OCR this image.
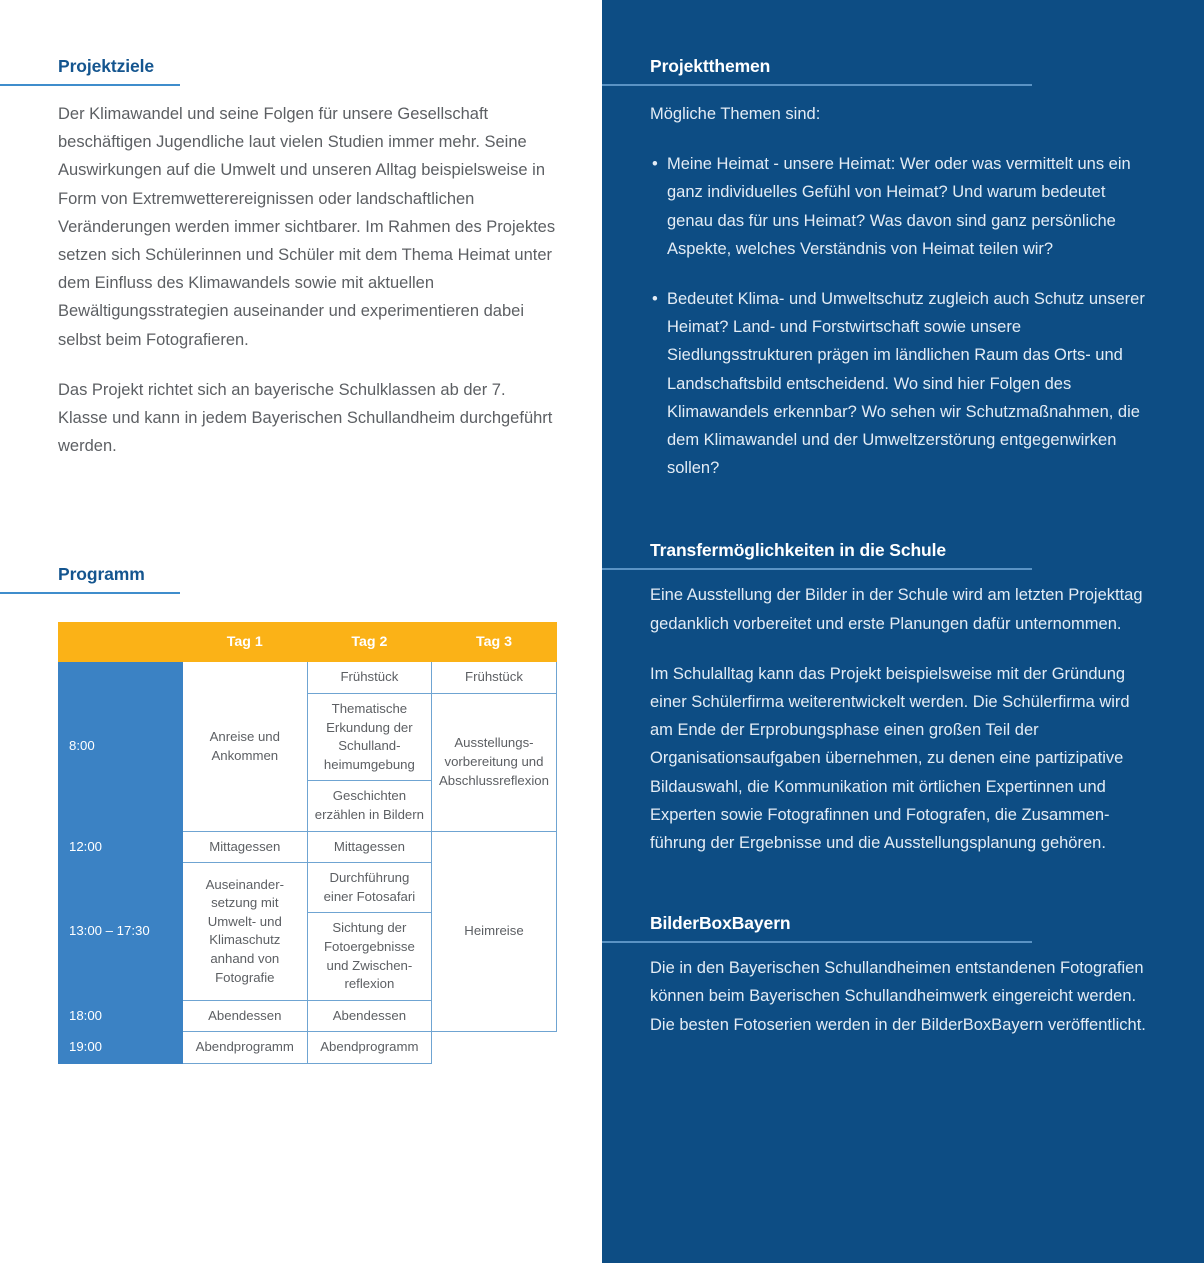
Projektziele

Der Klimawandel und seine Folgen für unsere Gesellschaft beschäftigen Jugendliche laut vielen Studien immer mehr. Seine Auswirkungen auf die Umwelt und unseren Alltag beispielsweise in Form von Extremwetterereignissen oder landschaftlichen Veränderungen werden immer sichtbarer. Im Rahmen des Projektes setzen sich Schülerinnen und Schüler mit dem Thema Heimat unter dem Einfluss des Klimawandels sowie mit aktuellen Bewältigungsstrategien auseinander und experimentieren dabei selbst beim Fotografieren.

Das Projekt richtet sich an bayerische Schulklassen ab der 7. Klasse und kann in jedem Bayerischen Schullandheim durchgeführt werden.

Programm
	Tag 1	Tag 2	Tag 3
8:00	Anreise und Ankommen	Frühstück	Frühstück
		Thematische Erkundung der Schullandheimumgebung	Ausstellungsvorbereitung und Abschlussreflexion
		Geschichten erzählen in Bildern	
12:00	Mittagessen	Mittagessen	Heimreise
13:00 – 17:30	Auseinandersetzung mit Umwelt- und Klimaschutz anhand von Fotografie	Durchführung einer Fotosafari	
		Sichtung der Fotoergebnisse und Zwischenreflexion	
18:00	Abendessen	Abendessen	
19:00	Abendprogramm	Abendprogramm	
Projektthemen

Mögliche Themen sind:

• Meine Heimat - unsere Heimat: Wer oder was vermittelt uns ein ganz individuelles Gefühl von Heimat? Und warum bedeutet genau das für uns Heimat? Was davon sind ganz persönliche Aspekte, welches Verständnis von Heimat teilen wir?
• Bedeutet Klima- und Umweltschutz zugleich auch Schutz unserer Heimat? Land- und Forstwirtschaft sowie unsere Siedlungsstrukturen prägen im ländlichen Raum das Orts- und Landschaftsbild entscheidend. Wo sind hier Folgen des Klimawandels erkennbar? Wo sehen wir Schutzmaßnahmen, die dem Klimawandel und der Umweltzerstörung entgegenwirken sollen?
Transfermöglichkeiten in die Schule

Eine Ausstellung der Bilder in der Schule wird am letzten Projekttag gedanklich vorbereitet und erste Planungen dafür unternommen.

Im Schulalltag kann das Projekt beispielsweise mit der Gründung einer Schülerfirma weiterentwickelt werden. Die Schülerfirma wird am Ende der Erprobungsphase einen großen Teil der Organisationsaufgaben übernehmen, zu denen eine partizipative Bildauswahl, die Kommunikation mit örtlichen Expertinnen und Experten sowie Fotografinnen und Fotografen, die Zusammenführung der Ergebnisse und die Ausstellungsplanung gehören.

BilderBoxBayern

Die in den Bayerischen Schullandheimen entstandenen Fotografien können beim Bayerischen Schullandheimwerk eingereicht werden. Die besten Fotoserien werden in der BilderBoxBayern veröffentlicht.
